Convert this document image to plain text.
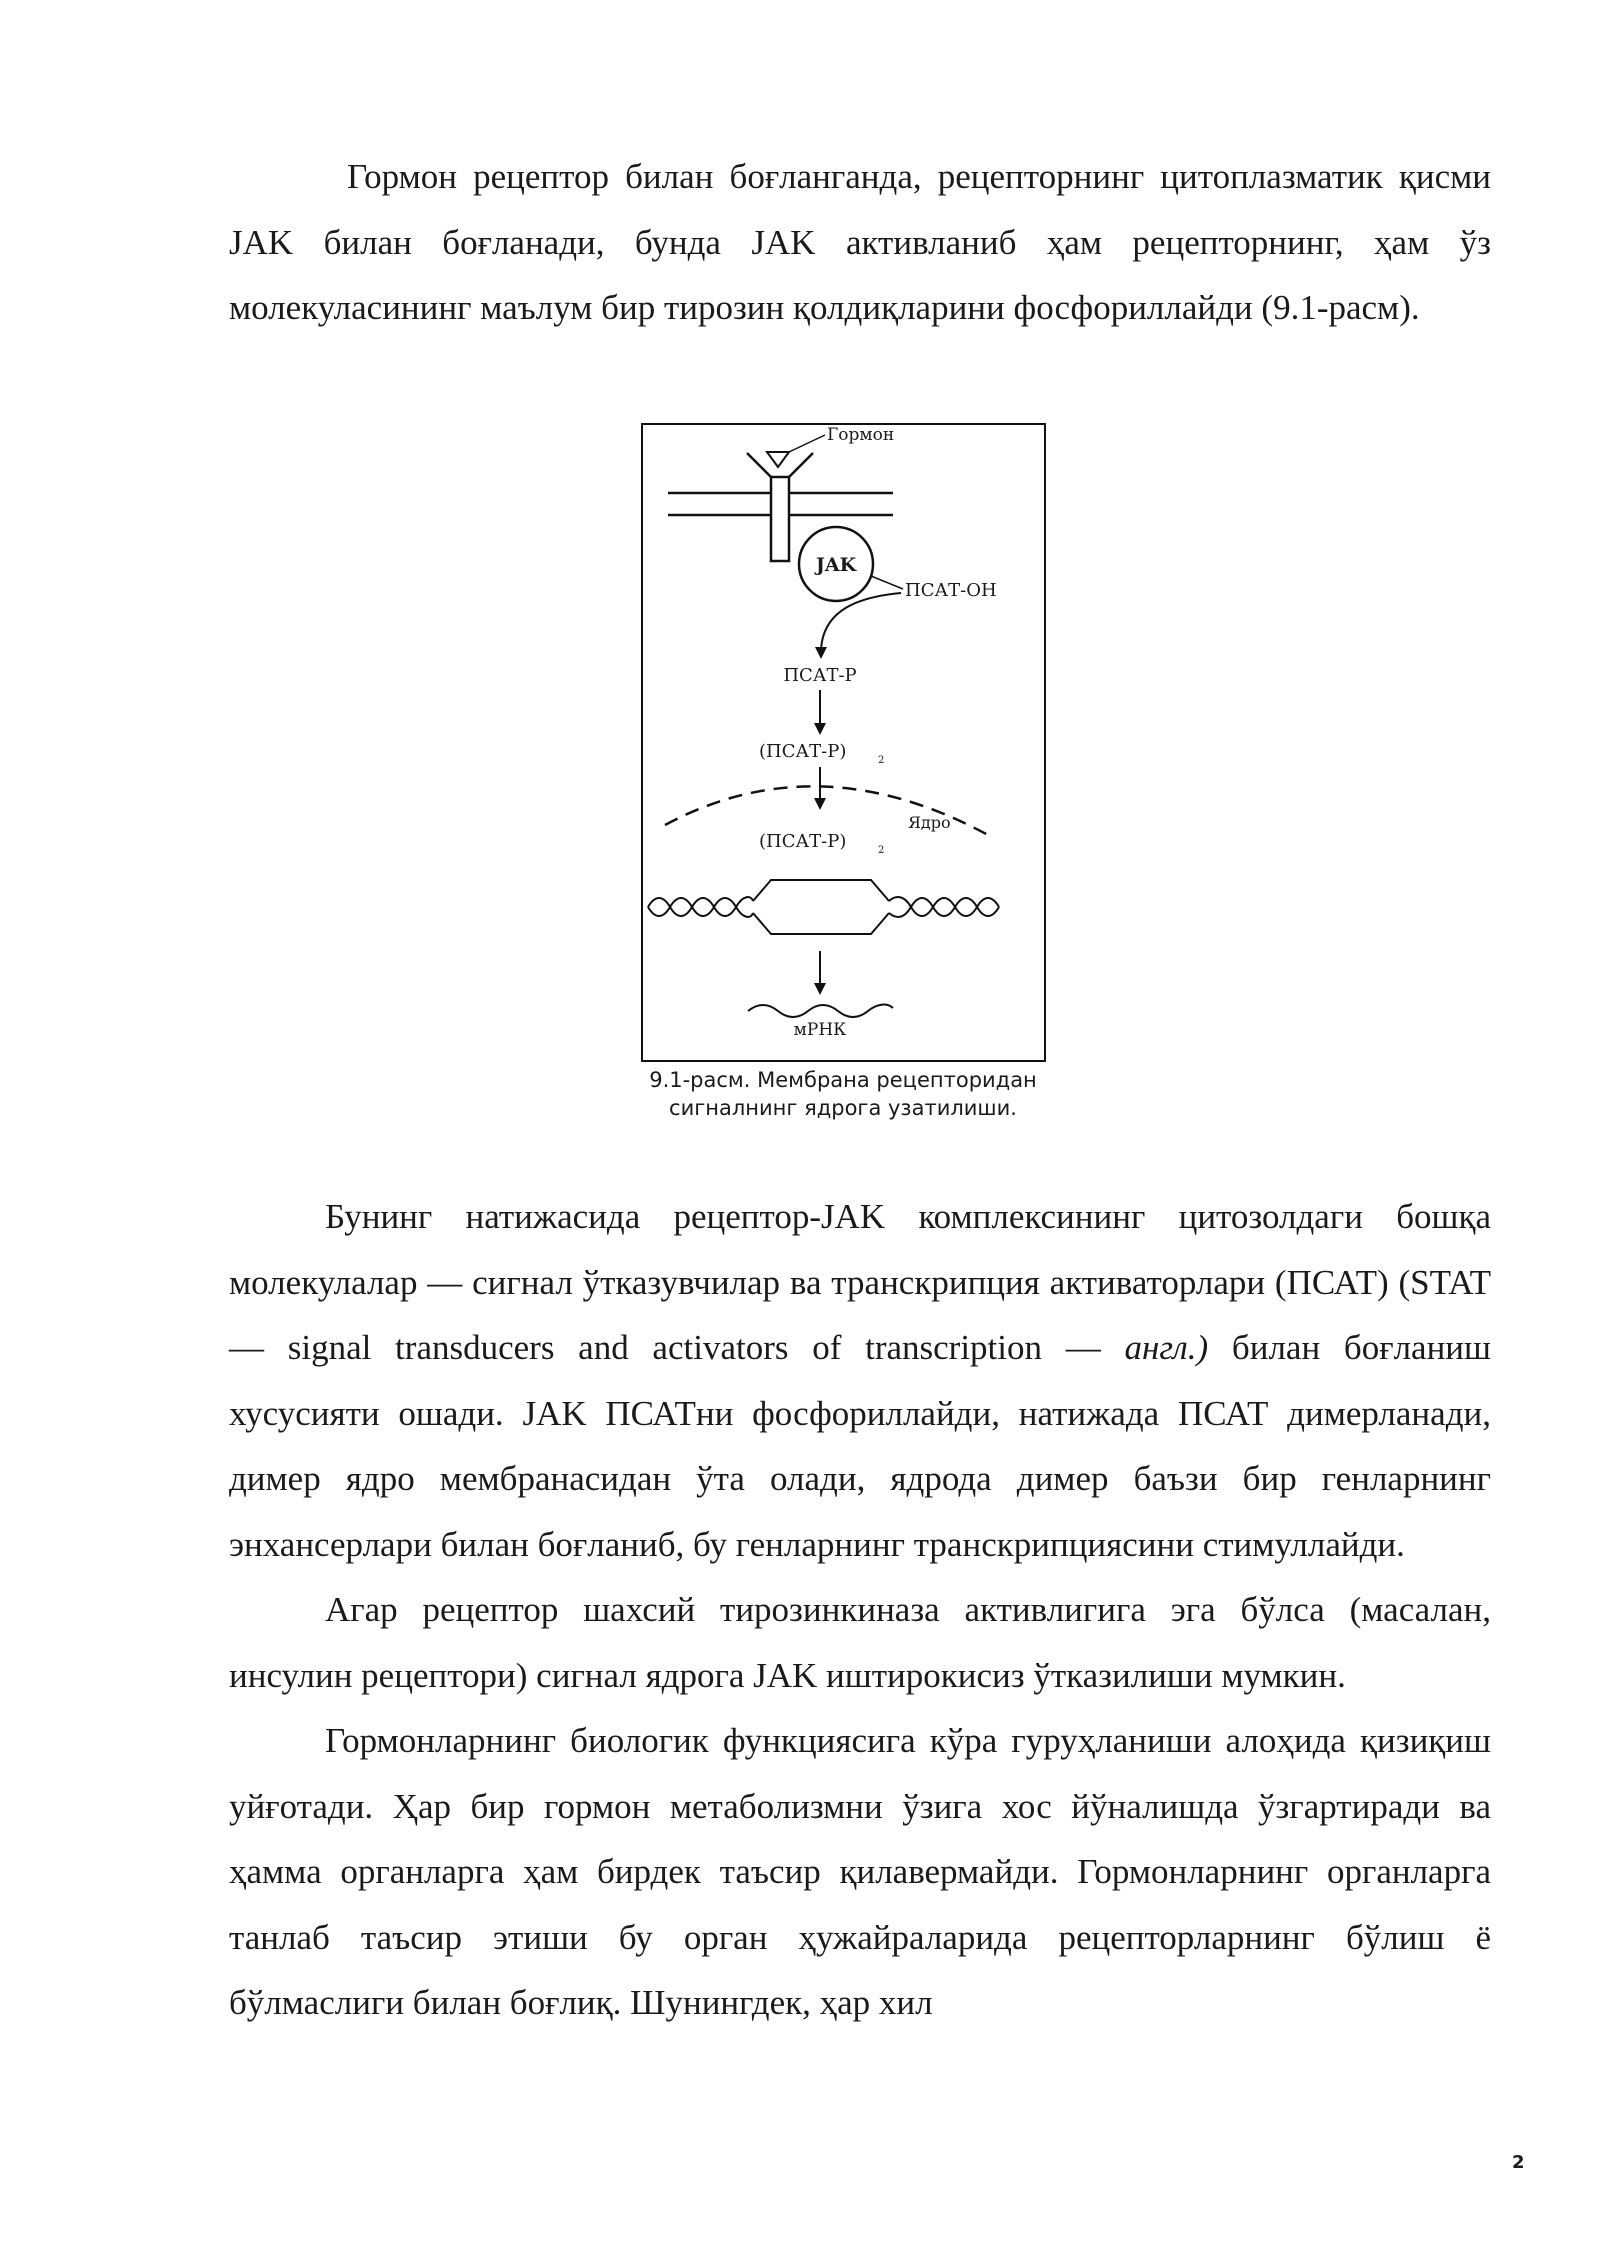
Гормон рецептор билан боғланганда, рецепторнинг цитоплазматик қисми JAK билан боғланади, бунда JAK активланиб ҳам рецепторнинг, ҳам ўз молекуласининг маълум бир тирозин қолдиқларини фосфориллайди (9.1-расм).

Гормон
JAK
ПСАТ-ОН
ПСАТ-Р
(ПСАТ-Р)	2
Ядро
(ПСАТ-Р)	2
мРНК

9.1-расм. Мембрана рецепторидан сигналнинг ядрога узатилиши.

Бунинг натижасида рецептор-JAK комплексининг цитозолдаги бошқа молекулалар — сигнал ўтказувчилар ва транскрипция активаторлари (ПСАТ) (STAT — signal transducers and activators of transcription — англ.) билан боғланиш хусусияти ошади. JAK ПСАТни фосфориллайди, натижада ПСАТ димерланади, димер ядро мембранасидан ўта олади, ядрода димер баъзи бир генларнинг энхансерлари билан боғланиб, бу генларнинг транскрипциясини стимуллайди.

Агар рецептор шахсий тирозинкиназа активлигига эга бўлса (масалан, инсулин рецептори) сигнал ядрога JAK иштирокисиз ўтказилиши мумкин.

Гормонларнинг биологик функциясига кўра гуруҳланиши алоҳида қизиқиш уйғотади. Ҳар бир гормон метаболизмни ўзига хос йўналишда ўзгартиради ва ҳамма органларга ҳам бирдек таъсир қилавермайди. Гормонларнинг органларга танлаб таъсир этиши бу орган ҳужайраларида рецепторларнинг бўлиш ё бўлмаслиги билан боғлиқ. Шунингдек, ҳар хил

2
